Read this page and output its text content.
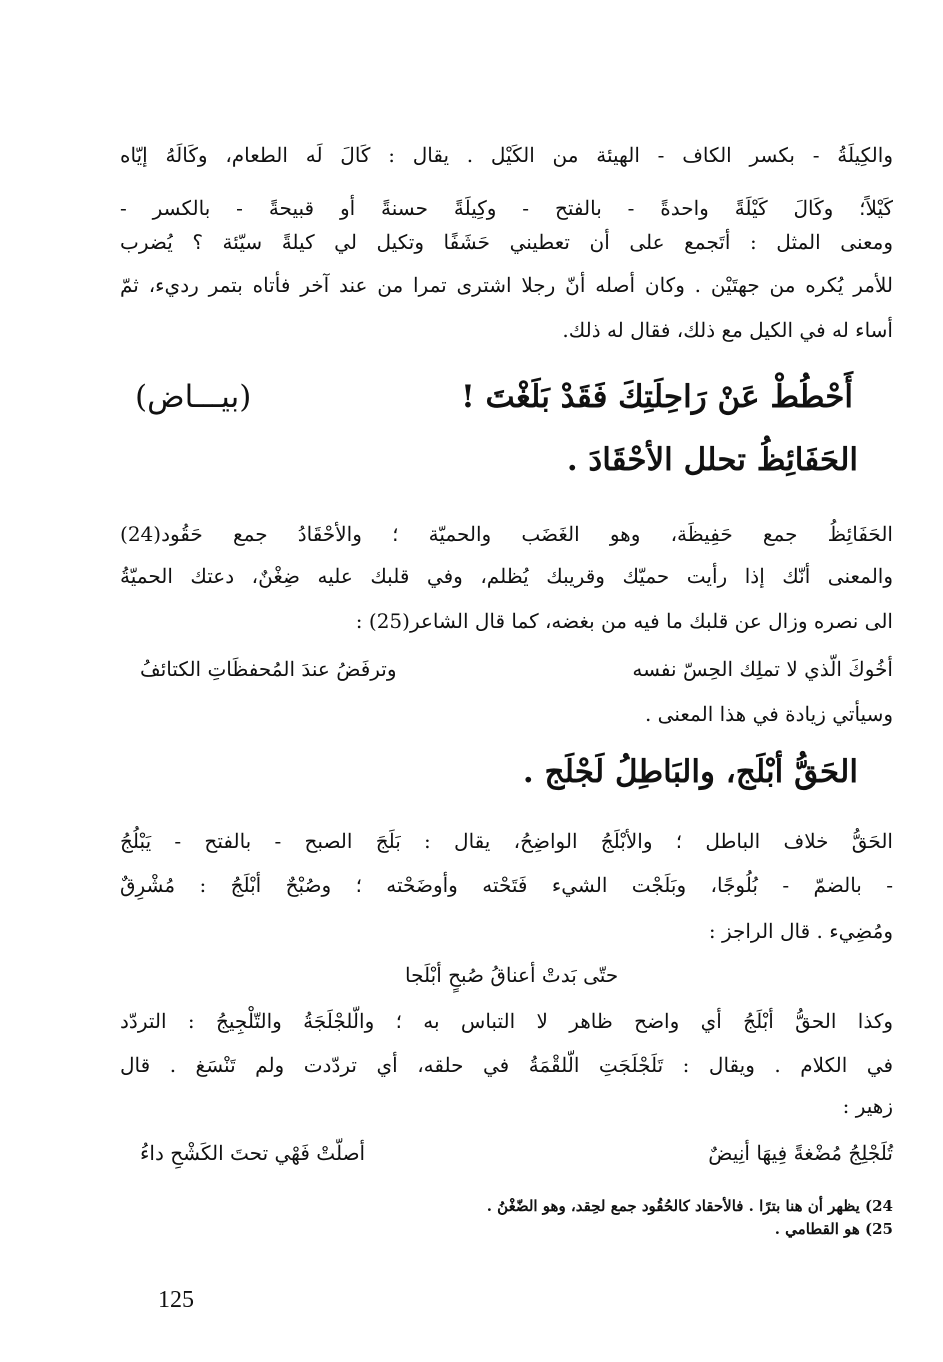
والكِيلَةُ - بكسر الكاف - الهيئة من الكَيْل . يقال : كَالَ لَه الطعام، وكَالَهُ إيّاه
كَيْلاً؛ وكَالَ كَيْلَةً واحدةً - بالفتح - وكِيلَةً حسنةً أو قبيحةً - بالكسر -
ومعنى المثل : أتَجمع على أن تعطيني حَشَفًا وتكيل لي كيلةً سيّئة ؟ يُضرب
للأمر يُكره من جهتَيْن . وكان أصله أنّ رجلا اشترى تمرا من عند آخر فأتاه بتمر رديء، ثمّ
أساء له في الكيل مع ذلك، فقال له ذلك.
أَحْطُطْ عَنْ رَاحِلَتِكَ فَقَدْ بَلَغْتَ !
(بيـــاض)
الحَفَائِظُ تحلل الأحْقَادَ .
الحَفَائِظُ جمع حَفِيظَة، وهو الغَضَب والحميّة ؛ والأحْقَادُ جمع حَقُود(24)
والمعنى أنّك إذا رأيت حميّك وقريبك يُظلم، وفي قلبك عليه ضِغْنٌ، دعتك الحميّةُ
الى نصره وزال عن قلبك ما فيه من بغضه، كما قال الشاعر(25) :
أخُوكَ الّذي لا تملِك الحِسّ نفسه
وترفَضُ عندَ المُحفظَاتِ الكتائفُ
وسيأتي زيادة في هذا المعنى .
الحَقُّ أبْلَج، والبَاطِلُ لَجْلَج .
الحَقُّ خلاف الباطل ؛ والأبْلَجُ الواضِحُ، يقال : بَلَجَ الصبح - بالفتح - يَبْلُجُ
- بالضمّ - بُلُوجًا، وبَلَجْت الشيء فَتَحْته وأوضَحْته ؛ وصُبْحٌ أبْلَجُ : مُشْرِقٌ
ومُضِيء . قال الراجز :
حتّى بَدتْ أعناقُ صُبحٍ أبْلَجا
وكذا الحقُّ أبْلَجُ أي واضح ظاهر لا التباس به ؛ والّلجْلَجَةُ والتّلْجِيجُ : التردّد
في الكلام . ويقال : تَلَجْلَجَتِ الّلقْمَةُ في حلقه، أي تردّدت ولم تَنْسَغ . قال
زهير :
تُلَجْلِجُ مُضْغةً فِيهَا أنِيضٌ
أصلّتْ فَهْي تحتَ الكَشْحِ داءُ
24) يظهر أن هنا بترًا . فالأحقاد كالحُقُود جمع لحِقد، وهو الضّغْنُ .
25) هو القطامي .
125
